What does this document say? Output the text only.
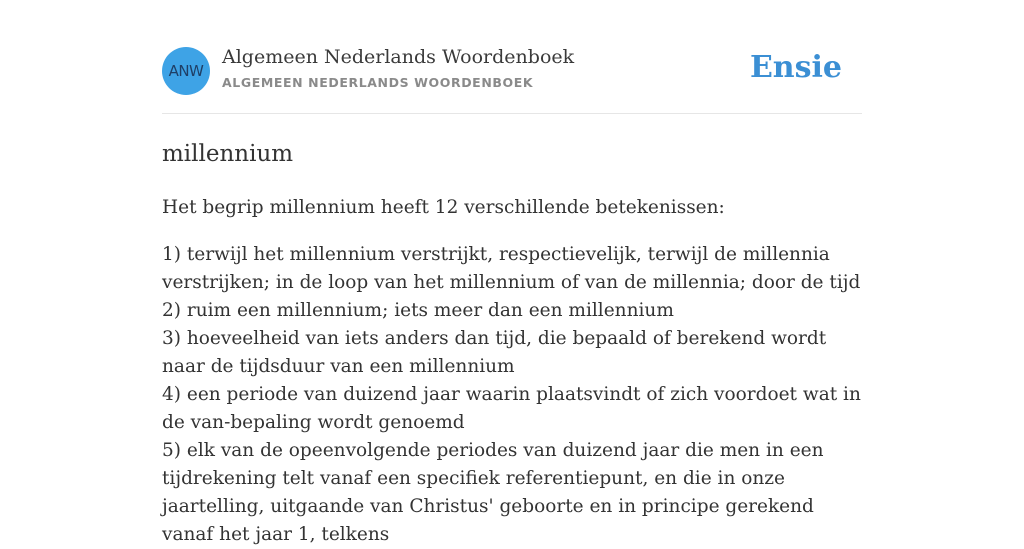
ANW
Algemeen Nederlands Woordenboek
ALGEMEEN NEDERLANDS WOORDENBOEK	Ensie
millennium

Het begrip millennium heeft 12 verschillende betekenissen:

1) terwijl het millennium verstrijkt, respectievelijk, terwijl de millennia verstrijken; in de loop van het millennium of van de millennia; door de tijd
2) ruim een millennium; iets meer dan een millennium
3) hoeveelheid van iets anders dan tijd, die bepaald of berekend wordt naar de tijdsduur van een millennium
4) een periode van duizend jaar waarin plaatsvindt of zich voordoet wat in de van-bepaling wordt genoemd
5) elk van de opeenvolgende periodes van duizend jaar die men in een tijdrekening telt vanaf een specifiek referentiepunt, en die in onze jaartelling, uitgaande van Christus' geboorte en in principe gerekend vanaf het jaar 1, telkens
